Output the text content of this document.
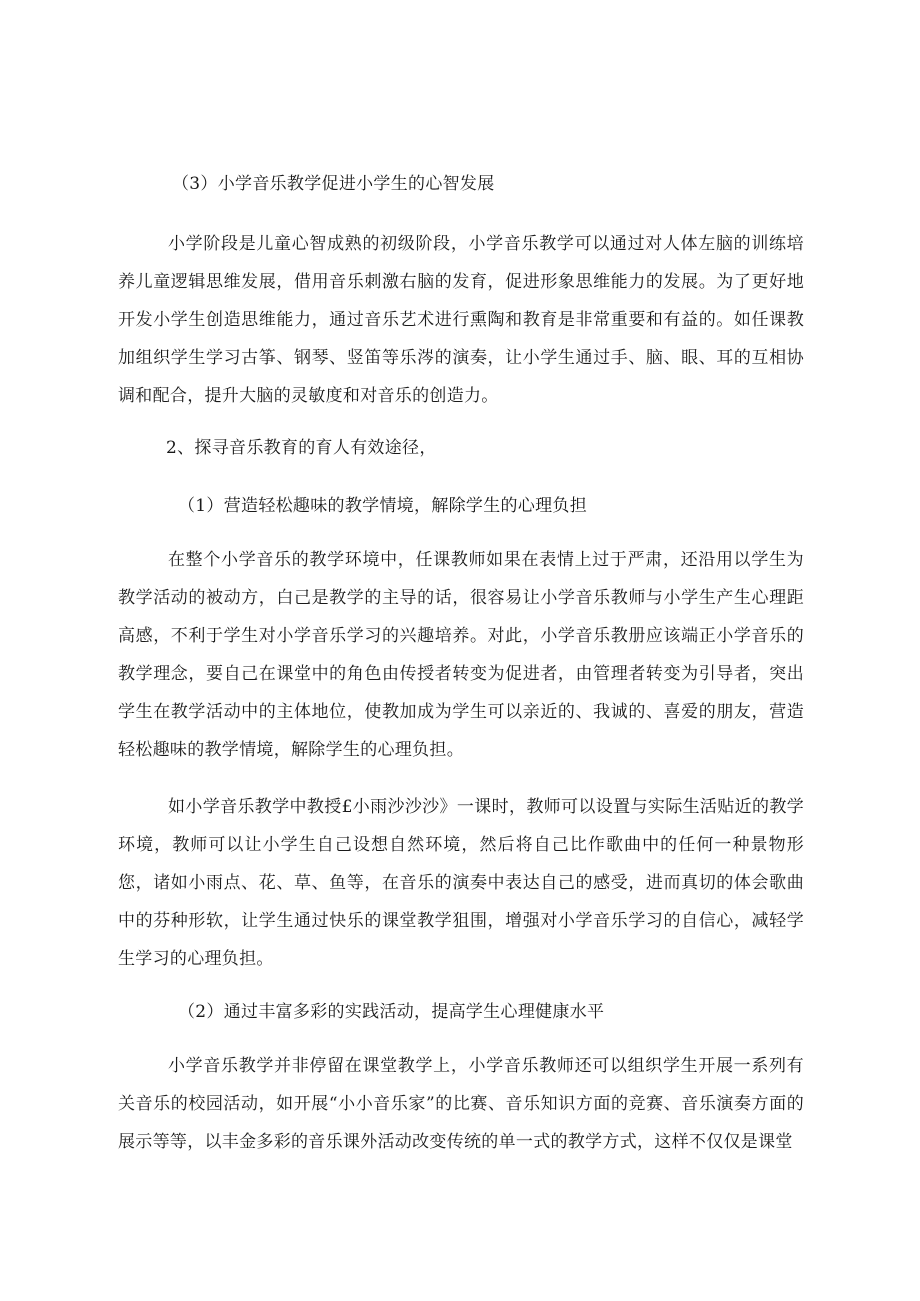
（3）小学音乐教学促进小学生的心智发展

小学阶段是儿童心智成熟的初级阶段，小学音乐教学可以通过对人体左脑的训练培养儿童逻辑思维发展，借用音乐刺激右脑的发育，促进形象思维能力的发展。为了更好地开发小学生创造思维能力，通过音乐艺术进行熏陶和教育是非常重要和有益的。如任课教加组织学生学习古筝、钢琴、竖笛等乐涔的演奏，让小学生通过手、脑、眼、耳的互相协调和配合，提升大脑的灵敏度和对音乐的创造力。

2、探寻音乐教育的育人有效途径，

（1）营造轻松趣味的教学情境，解除学生的心理负担

在整个小学音乐的教学环境中，任课教师如果在表情上过于严肃，还沿用以学生为教学活动的被动方，白己是教学的主导的话，很容易让小学音乐教师与小学生产生心理距高感，不利于学生对小学音乐学习的兴趣培养。对此，小学音乐教册应该端正小学音乐的教学理念，要自己在课堂中的角色由传授者转变为促进者，由管理者转变为引导者，突出学生在教学活动中的主体地位，使教加成为学生可以亲近的、我诚的、喜爱的朋友，营造轻松趣味的教学情境，解除学生的心理负担。

如小学音乐教学中教授£小雨沙沙沙》一课时，教师可以设置与实际生活贴近的教学环境，教师可以让小学生自己设想自然环境，然后将自己比作歌曲中的任何一种景物形您，诸如小雨点、花、草、鱼等，在音乐的演奏中表达自己的感受，进而真切的体会歌曲中的芬种形软，让学生通过快乐的课堂教学狙围，增强对小学音乐学习的自信心，减轻学生学习的心理负担。

（2）通过丰富多彩的实践活动，提高学生心理健康水平

小学音乐教学并非停留在课堂教学上，小学音乐教师还可以组织学生开展一系列有关音乐的校园活动，如开展“小小音乐家”的比赛、音乐知识方面的竞赛、音乐演奏方面的展示等等，以丰金多彩的音乐课外活动改变传统的单一式的教学方式，这样不仅仅是课堂
